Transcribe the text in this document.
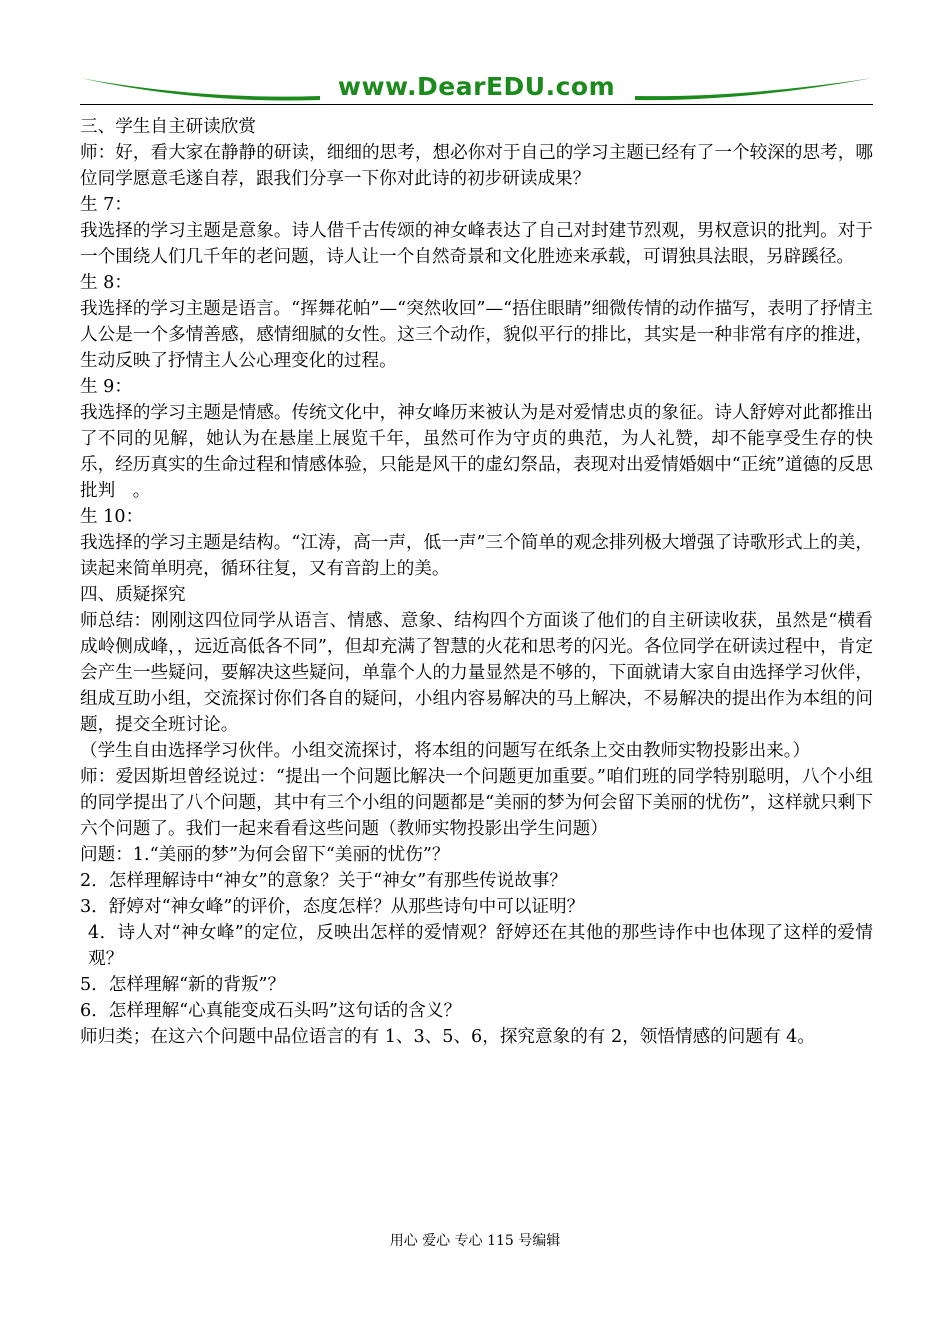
www.DearEDU.com

三、学生自主研读欣赏

师：好，看大家在静静的研读，细细的思考，想必你对于自己的学习主题已经有了一个较深的思考，哪位同学愿意毛遂自荐，跟我们分享一下你对此诗的初步研读成果？

生 7：

我选择的学习主题是意象。诗人借千古传颂的神女峰表达了自己对封建节烈观，男权意识的批判。对于一个围绕人们几千年的老问题，诗人让一个自然奇景和文化胜迹来承载，可谓独具法眼，另辟蹊径。

生 8：

我选择的学习主题是语言。“挥舞花帕”—“突然收回”—“捂住眼睛”细微传情的动作描写，表明了抒情主人公是一个多情善感，感情细腻的女性。这三个动作，貌似平行的排比，其实是一种非常有序的推进，生动反映了抒情主人公心理变化的过程。

生 9：

我选择的学习主题是情感。传统文化中，神女峰历来被认为是对爱情忠贞的象征。诗人舒婷对此都推出了不同的见解，她认为在悬崖上展览千年，虽然可作为守贞的典范，为人礼赞，却不能享受生存的快乐，经历真实的生命过程和情感体验，只能是风干的虚幻祭品，表现对出爱情婚姻中“正统”道德的反思批判　。

生 10：

我选择的学习主题是结构。“江涛，高一声，低一声”三个简单的观念排列极大增强了诗歌形式上的美，读起来简单明亮，循环往复，又有音韵上的美。

四、质疑探究

师总结：刚刚这四位同学从语言、情感、意象、结构四个方面谈了他们的自主研读收获，虽然是“横看成岭侧成峰，，远近高低各不同”，但却充满了智慧的火花和思考的闪光。各位同学在研读过程中，肯定会产生一些疑问，要解决这些疑问，单靠个人的力量显然是不够的，下面就请大家自由选择学习伙伴，组成互助小组，交流探讨你们各自的疑问，小组内容易解决的马上解决，不易解决的提出作为本组的问题，提交全班讨论。

（学生自由选择学习伙伴。小组交流探讨，将本组的问题写在纸条上交由教师实物投影出来。）

师：爱因斯坦曾经说过：“提出一个问题比解决一个问题更加重要。”咱们班的同学特别聪明，八个小组的同学提出了八个问题，其中有三个小组的问题都是“美丽的梦为何会留下美丽的忧伤”，这样就只剩下六个问题了。我们一起来看看这些问题（教师实物投影出学生问题）

问题：1.“美丽的梦”为何会留下“美丽的忧伤”？

2．怎样理解诗中“神女”的意象？关于“神女”有那些传说故事？

3．舒婷对“神女峰”的评价，态度怎样？从那些诗句中可以证明？

4．诗人对“神女峰”的定位，反映出怎样的爱情观？舒婷还在其他的那些诗作中也体现了这样的爱情观？

5．怎样理解“新的背叛”？

6．怎样理解“心真能变成石头吗”这句话的含义？

师归类；在这六个问题中品位语言的有 1、3、5、6，探究意象的有 2，领悟情感的问题有 4。

用心 爱心 专心 115 号编辑
